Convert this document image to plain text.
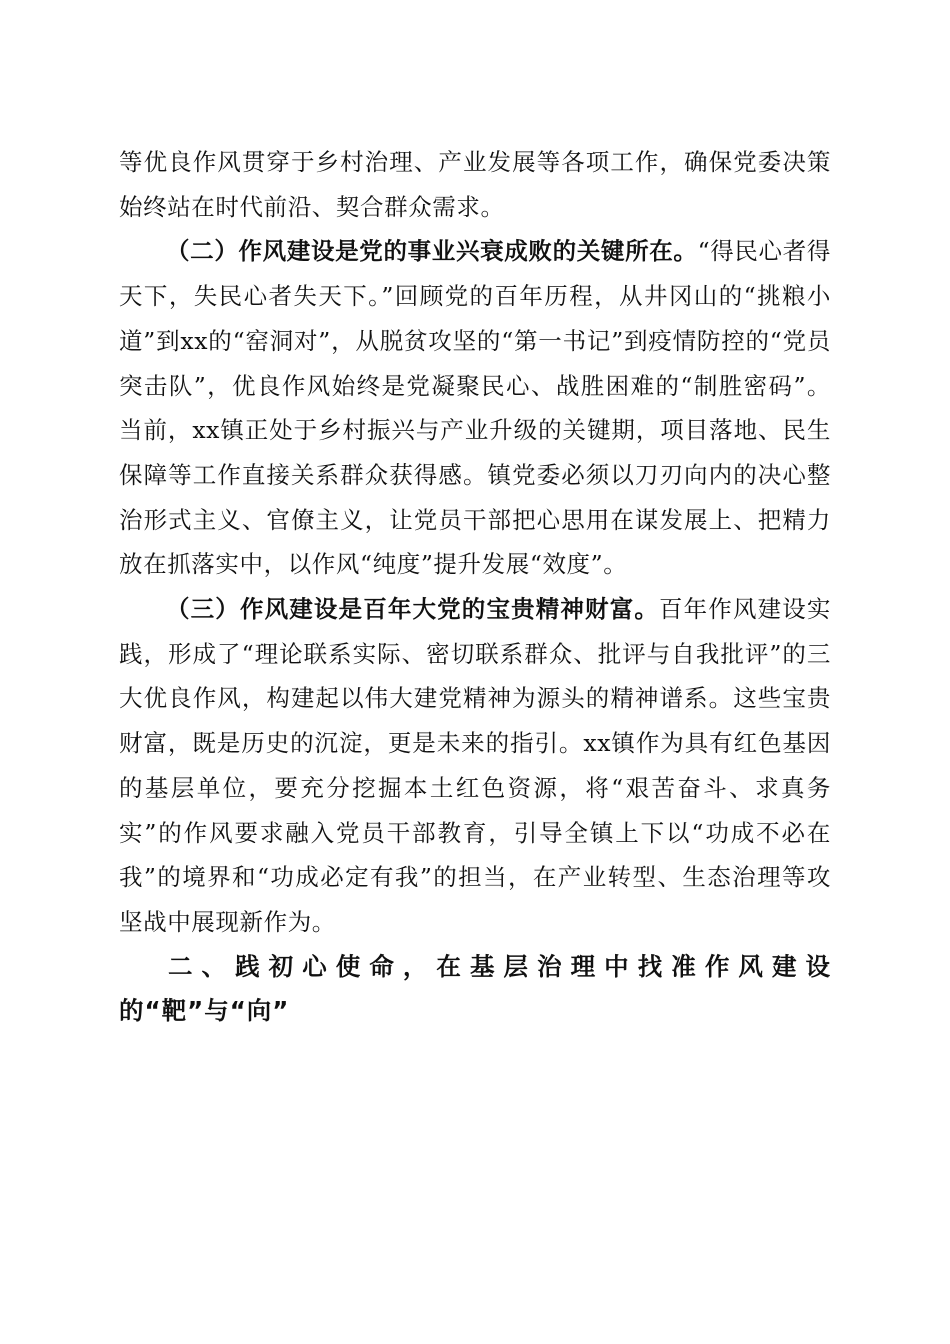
等优良作风贯穿于乡村治理、产业发展等各项工作，确保党委决策始终站在时代前沿、契合群众需求。

（二）作风建设是党的事业兴衰成败的关键所在。“得民心者得天下，失民心者失天下。”回顾党的百年历程，从井冈山的“挑粮小道”到xx的“窑洞对”，从脱贫攻坚的“第一书记”到疫情防控的“党员突击队”，优良作风始终是党凝聚民心、战胜困难的“制胜密码”。当前，xx镇正处于乡村振兴与产业升级的关键期，项目落地、民生保障等工作直接关系群众获得感。镇党委必须以刀刃向内的决心整治形式主义、官僚主义，让党员干部把心思用在谋发展上、把精力放在抓落实中，以作风“纯度”提升发展“效度”。

（三）作风建设是百年大党的宝贵精神财富。百年作风建设实践，形成了“理论联系实际、密切联系群众、批评与自我批评”的三大优良作风，构建起以伟大建党精神为源头的精神谱系。这些宝贵财富，既是历史的沉淀，更是未来的指引。xx镇作为具有红色基因的基层单位，要充分挖掘本土红色资源，将“艰苦奋斗、求真务实”的作风要求融入党员干部教育，引导全镇上下以“功成不必在我”的境界和“功成必定有我”的担当，在产业转型、生态治理等攻坚战中展现新作为。

二、践初心使命，在基层治理中找准作风建设的“靶”与“向”
